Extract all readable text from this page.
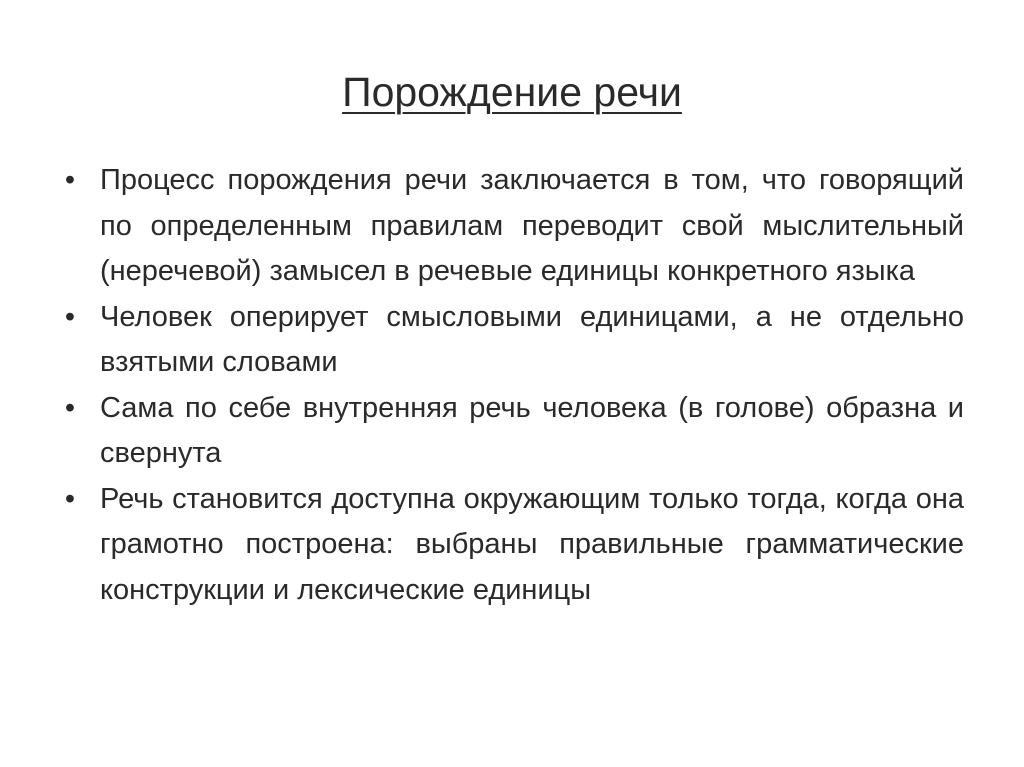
Порождение речи
• Процесс порождения речи заключается в том, что говорящий по определенным правилам переводит свой мыслительный (неречевой) замысел в речевые единицы конкретного языка
• Человек оперирует смысловыми единицами, а не отдельно взятыми словами
• Сама по себе внутренняя речь человека (в голове) образна и свернута
• Речь становится доступна окружающим только тогда, когда она грамотно построена: выбраны правильные грамматические конструкции и лексические единицы
